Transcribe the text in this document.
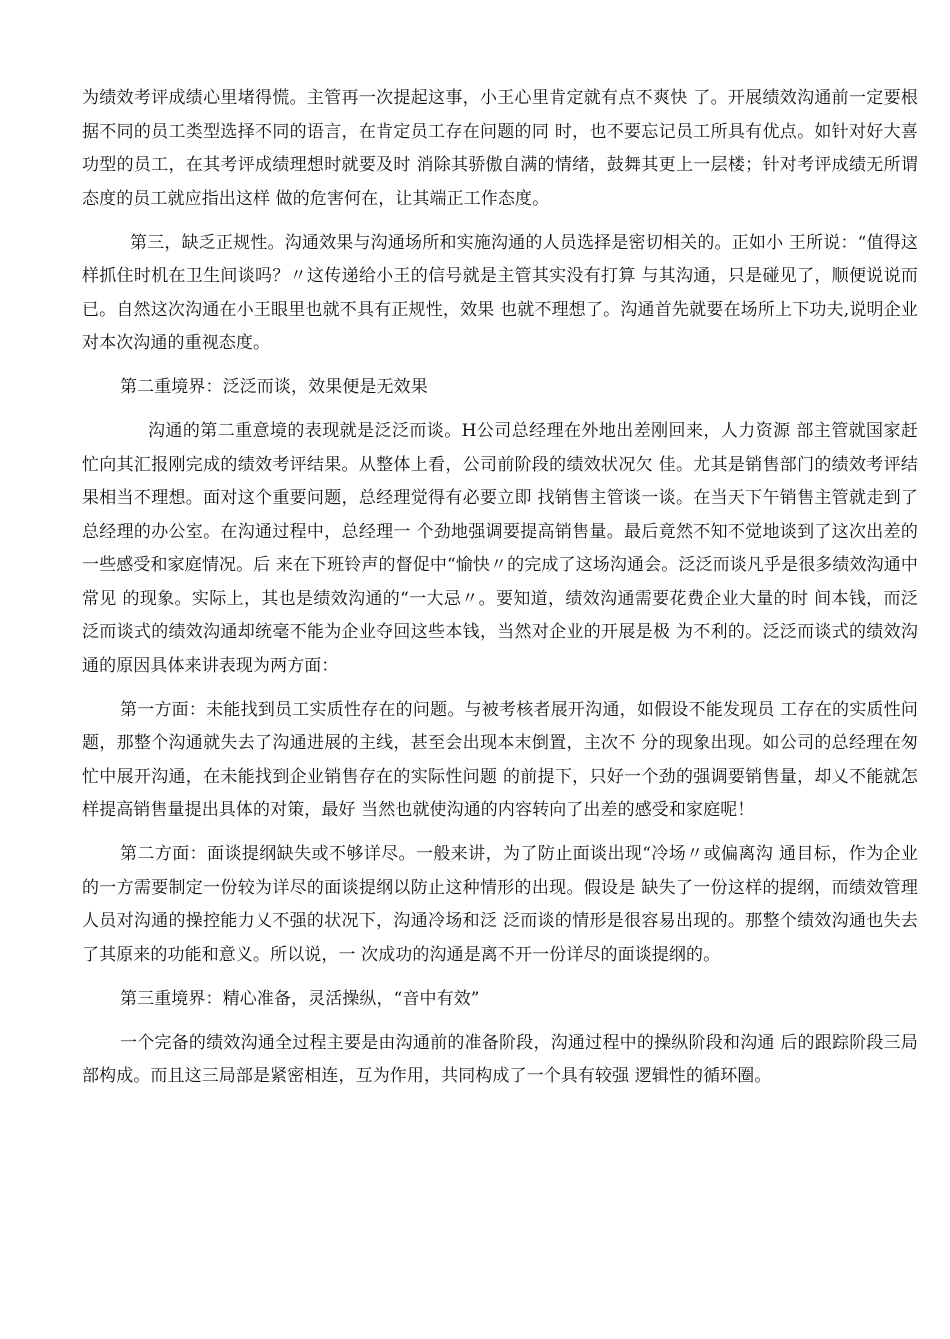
为绩效考评成绩心里堵得慌。主管再一次提起这事，小王心里肯定就有点不爽快 了。开展绩效沟通前一定要根据不同的员工类型选择不同的语言，在肯定员工存在问题的同 时，也不要忘记员工所具有优点。如针对好大喜功型的员工，在其考评成绩理想时就要及时 消除其骄傲自满的情绪，鼓舞其更上一层楼；针对考评成绩无所谓态度的员工就应指出这样 做的危害何在，让其端正工作态度。

第三，缺乏正规性。沟通效果与沟通场所和实施沟通的人员选择是密切相关的。正如小 王所说：“值得这样抓住时机在卫生间谈吗？〃这传递给小王的信号就是主管其实没有打算 与其沟通，只是碰见了，顺便说说而已。自然这次沟通在小王眼里也就不具有正规性，效果 也就不理想了。沟通首先就要在场所上下功夫,说明企业对本次沟通的重视态度。

第二重境界：泛泛而谈，效果便是无效果

沟通的第二重意境的表现就是泛泛而谈。H公司总经理在外地出差刚回来，人力资源 部主管就国家赶忙向其汇报刚完成的绩效考评结果。从整体上看，公司前阶段的绩效状况欠 佳。尤其是销售部门的绩效考评结果相当不理想。面对这个重要问题，总经理觉得有必要立即 找销售主管谈一谈。在当天下午销售主管就走到了总经理的办公室。在沟通过程中，总经理一 个劲地强调要提高销售量。最后竟然不知不觉地谈到了这次出差的一些感受和家庭情况。后 来在下班铃声的督促中“愉快〃的完成了这场沟通会。泛泛而谈凡乎是很多绩效沟通中常见 的现象。实际上，其也是绩效沟通的“一大忌〃。要知道，绩效沟通需要花费企业大量的时 间本钱，而泛泛而谈式的绩效沟通却统毫不能为企业夺回这些本钱，当然对企业的开展是极 为不利的。泛泛而谈式的绩效沟通的原因具体来讲表现为两方面：

第一方面：未能找到员工实质性存在的问题。与被考核者展开沟通，如假设不能发现员 工存在的实质性问题，那整个沟通就失去了沟通进展的主线，甚至会出现本末倒置，主次不 分的现象出现。如公司的总经理在匆忙中展开沟通，在未能找到企业销售存在的实际性问题 的前提下，只好一个劲的强调要销售量，却乂不能就怎样提高销售量提出具体的对策，最好 当然也就使沟通的内容转向了出差的感受和家庭呢！

第二方面：面谈提纲缺失或不够详尽。一般来讲，为了防止面谈出现“冷场〃或偏离沟 通目标，作为企业的一方需要制定一份较为详尽的面谈提纲以防止这种情形的出现。假设是 缺失了一份这样的提纲，而绩效管理人员对沟通的操控能力乂不强的状况下，沟通冷场和泛 泛而谈的情形是很容易出现的。那整个绩效沟通也失去了其原来的功能和意义。所以说，一 次成功的沟通是离不开一份详尽的面谈提纲的。

第三重境界：精心准备，灵活操纵，“音中有效”

一个完备的绩效沟通全过程主要是由沟通前的准备阶段，沟通过程中的操纵阶段和沟通 后的跟踪阶段三局部构成。而且这三局部是紧密相连，互为作用，共同构成了一个具有较强 逻辑性的循环圈。
